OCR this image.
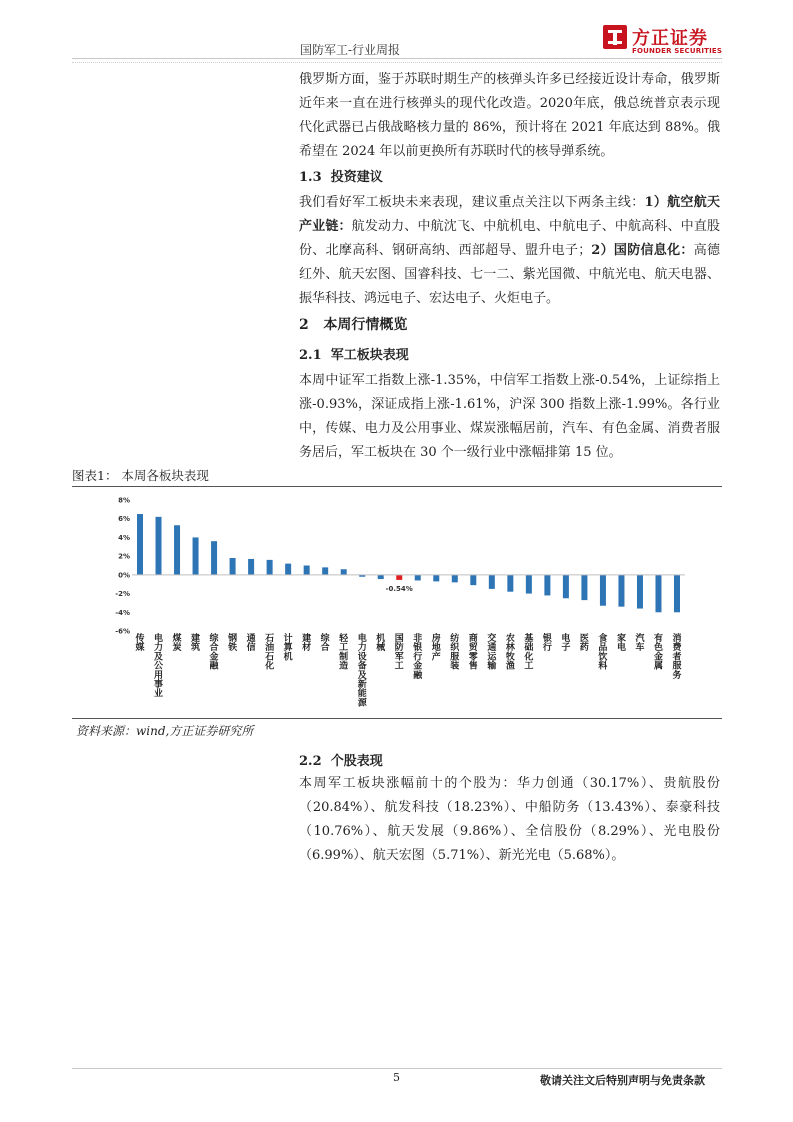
国防军工-行业周报
方正证券
FOUNDER SECURITIES

俄罗斯方面，鉴于苏联时期生产的核弹头许多已经接近设计寿命，俄罗斯近年来一直在进行核弹头的现代化改造。2020年底，俄总统普京表示现代化武器已占俄战略核力量的 86%，预计将在 2021 年底达到 88%。俄希望在 2024 年以前更换所有苏联时代的核导弹系统。

1.3 投资建议

我们看好军工板块未来表现，建议重点关注以下两条主线：1）航空航天产业链：航发动力、中航沈飞、中航机电、中航电子、中航高科、中直股份、北摩高科、钢研高纳、西部超导、盟升电子；2）国防信息化：高德红外、航天宏图、国睿科技、七一二、紫光国微、中航光电、航天电器、振华科技、鸿远电子、宏达电子、火炬电子。

2 本周行情概览
2.1 军工板块表现

本周中证军工指数上涨-1.35%，中信军工指数上涨-0.54%，上证综指上涨-0.93%，深证成指上涨-1.61%，沪深 300 指数上涨-1.99%。各行业中，传媒、电力及公用事业、煤炭涨幅居前，汽车、有色金属、消费者服务居后，军工板块在 30 个一级行业中涨幅排第 15 位。

图表1： 本周各板块表现
8%
6%
4%
2%
0%
-2%
-4%
-6%
传媒
电力及公用事业
煤炭
建筑
综合金融
钢铁
通信
石油石化
计算机
建材
综合
轻工制造
电力设备及新能源
机械
国防军工
非银行金融
房地产
纺织服装
商贸零售
交通运输
农林牧渔
基础化工
银行
电子
医药
食品饮料
家电
汽车
有色金属
消费者服务
-0.54%
资料来源：wind,方正证券研究所
2.2 个股表现

本周军工板块涨幅前十的个股为：华力创通（30.17%）、贵航股份（20.84%）、航发科技（18.23%）、中船防务（13.43%）、泰豪科技（10.76%）、航天发展（9.86%）、全信股份（8.29%）、光电股份（6.99%）、航天宏图（5.71%）、新光光电（5.68%）。

5	敬请关注文后特别声明与免责条款
